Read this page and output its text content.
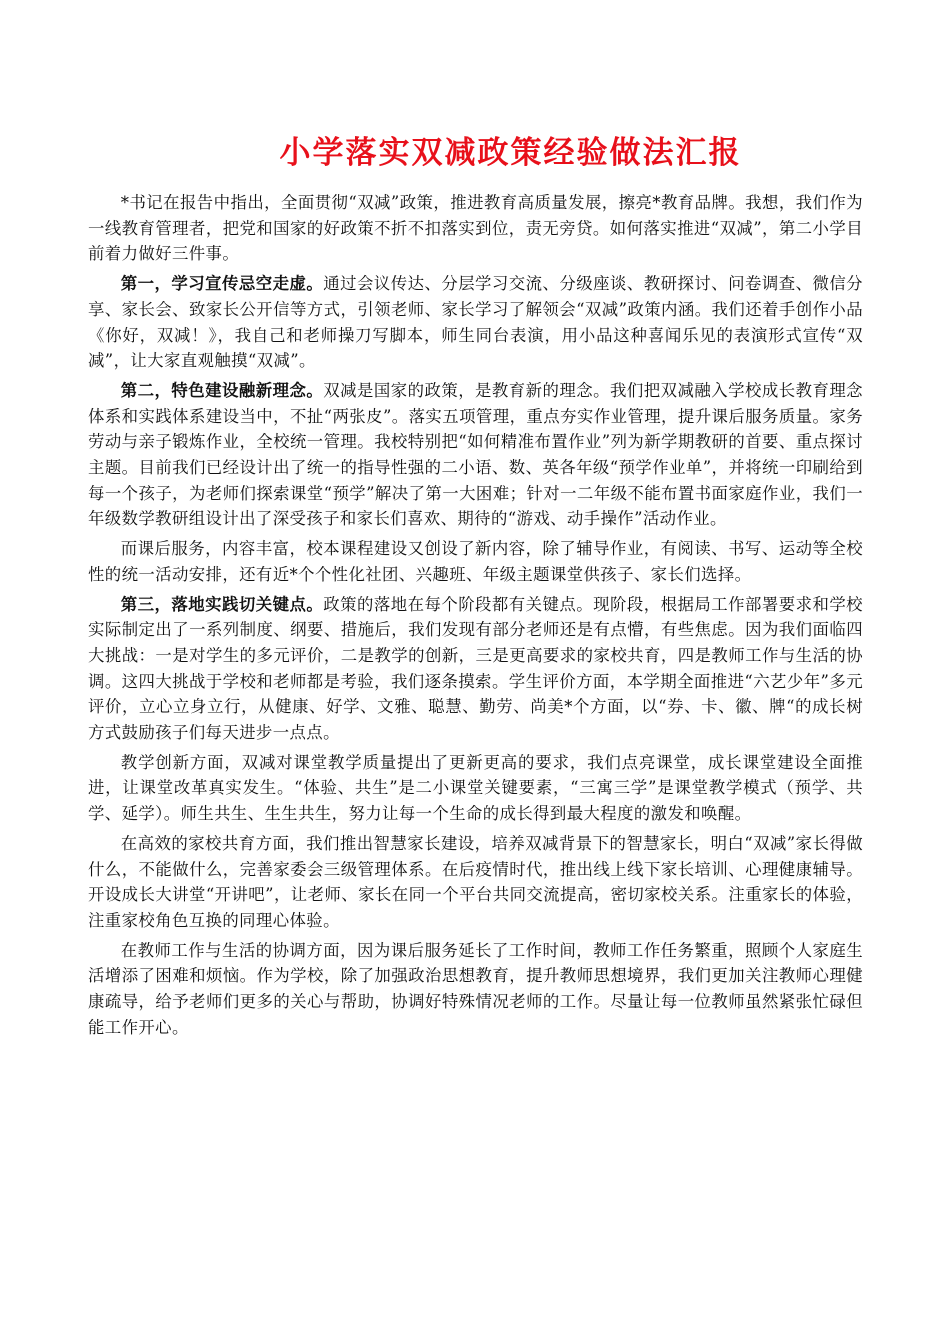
小学落实双减政策经验做法汇报

*书记在报告中指出，全面贯彻“双减”政策，推进教育高质量发展，擦亮*教育品牌。我想，我们作为一线教育管理者，把党和国家的好政策不折不扣落实到位，责无旁贷。如何落实推进“双减”，第二小学目前着力做好三件事。

第一，学习宣传忌空走虚。通过会议传达、分层学习交流、分级座谈、教研探讨、问卷调查、微信分享、家长会、致家长公开信等方式，引领老师、家长学习了解领会“双减”政策内涵。我们还着手创作小品《你好，双减！》，我自己和老师操刀写脚本，师生同台表演，用小品这种喜闻乐见的表演形式宣传“双减”，让大家直观触摸“双减”。

第二，特色建设融新理念。双减是国家的政策，是教育新的理念。我们把双减融入学校成长教育理念体系和实践体系建设当中，不扯“两张皮”。落实五项管理，重点夯实作业管理，提升课后服务质量。家务劳动与亲子锻炼作业，全校统一管理。我校特别把“如何精准布置作业”列为新学期教研的首要、重点探讨主题。目前我们已经设计出了统一的指导性强的二小语、数、英各年级“预学作业单”，并将统一印刷给到每一个孩子，为老师们探索课堂“预学”解决了第一大困难；针对一二年级不能布置书面家庭作业，我们一年级数学教研组设计出了深受孩子和家长们喜欢、期待的“游戏、动手操作”活动作业。

而课后服务，内容丰富，校本课程建设又创设了新内容，除了辅导作业，有阅读、书写、运动等全校性的统一活动安排，还有近*个个性化社团、兴趣班、年级主题课堂供孩子、家长们选择。

第三，落地实践切关键点。政策的落地在每个阶段都有关键点。现阶段，根据局工作部署要求和学校实际制定出了一系列制度、纲要、措施后，我们发现有部分老师还是有点懵，有些焦虑。因为我们面临四大挑战：一是对学生的多元评价，二是教学的创新，三是更高要求的家校共育，四是教师工作与生活的协调。这四大挑战于学校和老师都是考验，我们逐条摸索。学生评价方面，本学期全面推进“六艺少年”多元评价，立心立身立行，从健康、好学、文雅、聪慧、勤劳、尚美*个方面，以“券、卡、徽、牌“的成长树方式鼓励孩子们每天进步一点点。

教学创新方面，双减对课堂教学质量提出了更新更高的要求，我们点亮课堂，成长课堂建设全面推进，让课堂改革真实发生。“体验、共生”是二小课堂关键要素，“三寓三学”是课堂教学模式（预学、共学、延学）。师生共生、生生共生，努力让每一个生命的成长得到最大程度的激发和唤醒。

在高效的家校共育方面，我们推出智慧家长建设，培养双减背景下的智慧家长，明白“双减”家长得做什么，不能做什么，完善家委会三级管理体系。在后疫情时代，推出线上线下家长培训、心理健康辅导。开设成长大讲堂“开讲吧”，让老师、家长在同一个平台共同交流提高，密切家校关系。注重家长的体验，注重家校角色互换的同理心体验。

在教师工作与生活的协调方面，因为课后服务延长了工作时间，教师工作任务繁重，照顾个人家庭生活增添了困难和烦恼。作为学校，除了加强政治思想教育，提升教师思想境界，我们更加关注教师心理健康疏导，给予老师们更多的关心与帮助，协调好特殊情况老师的工作。尽量让每一位教师虽然紧张忙碌但能工作开心。
